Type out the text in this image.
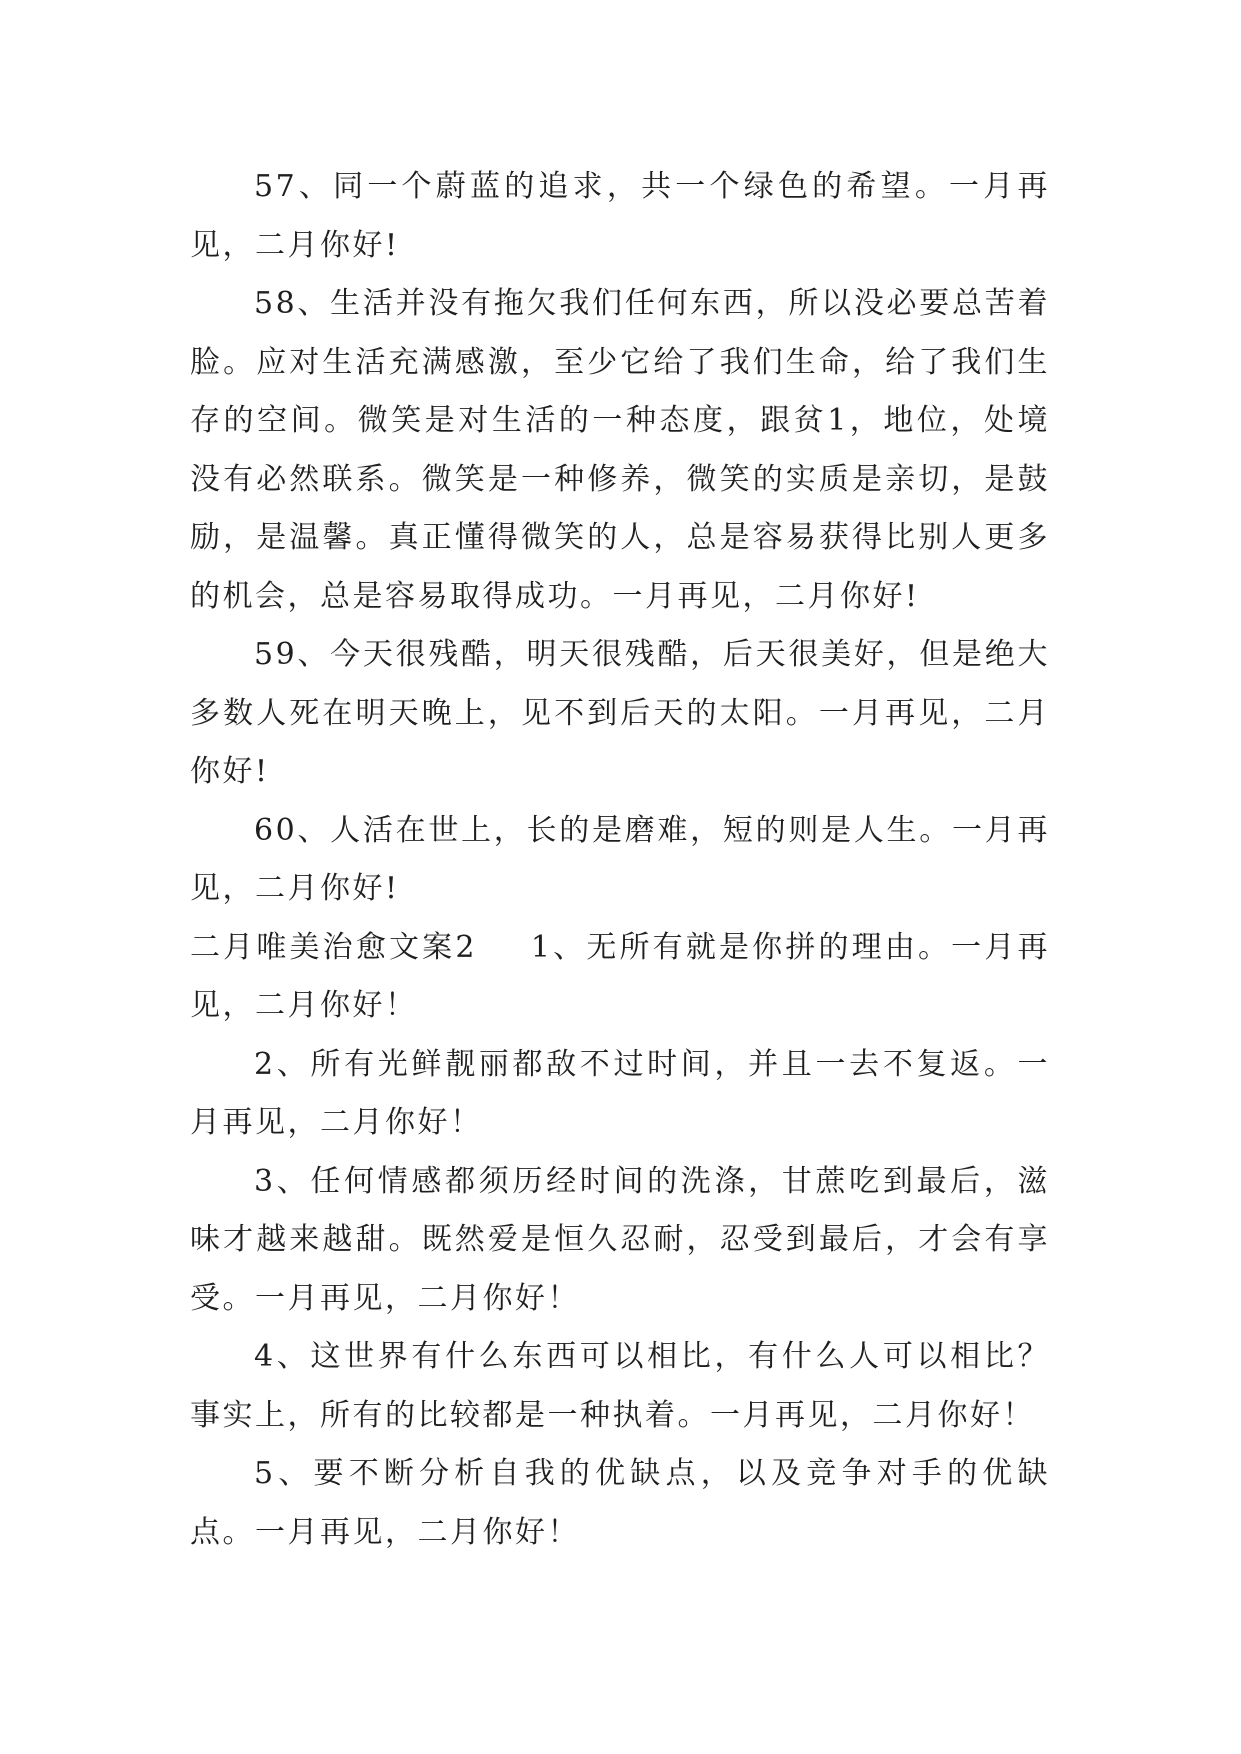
57、同一个蔚蓝的追求，共一个绿色的希望。一月再见，二月你好!

58、生活并没有拖欠我们任何东西，所以没必要总苦着脸。应对生活充满感激，至少它给了我们生命，给了我们生存的空间。微笑是对生活的一种态度，跟贫1，地位，处境没有必然联系。微笑是一种修养，微笑的实质是亲切，是鼓励，是温馨。真正懂得微笑的人，总是容易获得比别人更多的机会，总是容易取得成功。一月再见，二月你好!

59、今天很残酷，明天很残酷，后天很美好，但是绝大多数人死在明天晚上，见不到后天的太阳。一月再见，二月你好!

60、人活在世上，长的是磨难，短的则是人生。一月再见，二月你好!

二月唯美治愈文案2 1、无所有就是你拼的理由。一月再见，二月你好！

2、所有光鲜靓丽都敌不过时间，并且一去不复返。一月再见，二月你好！

3、任何情感都须历经时间的洗涤，甘蔗吃到最后，滋味才越来越甜。既然爱是恒久忍耐，忍受到最后，才会有享受。一月再见，二月你好！

4、这世界有什么东西可以相比，有什么人可以相比？事实上，所有的比较都是一种执着。一月再见，二月你好！

5、要不断分析自我的优缺点，以及竞争对手的优缺点。一月再见，二月你好！
